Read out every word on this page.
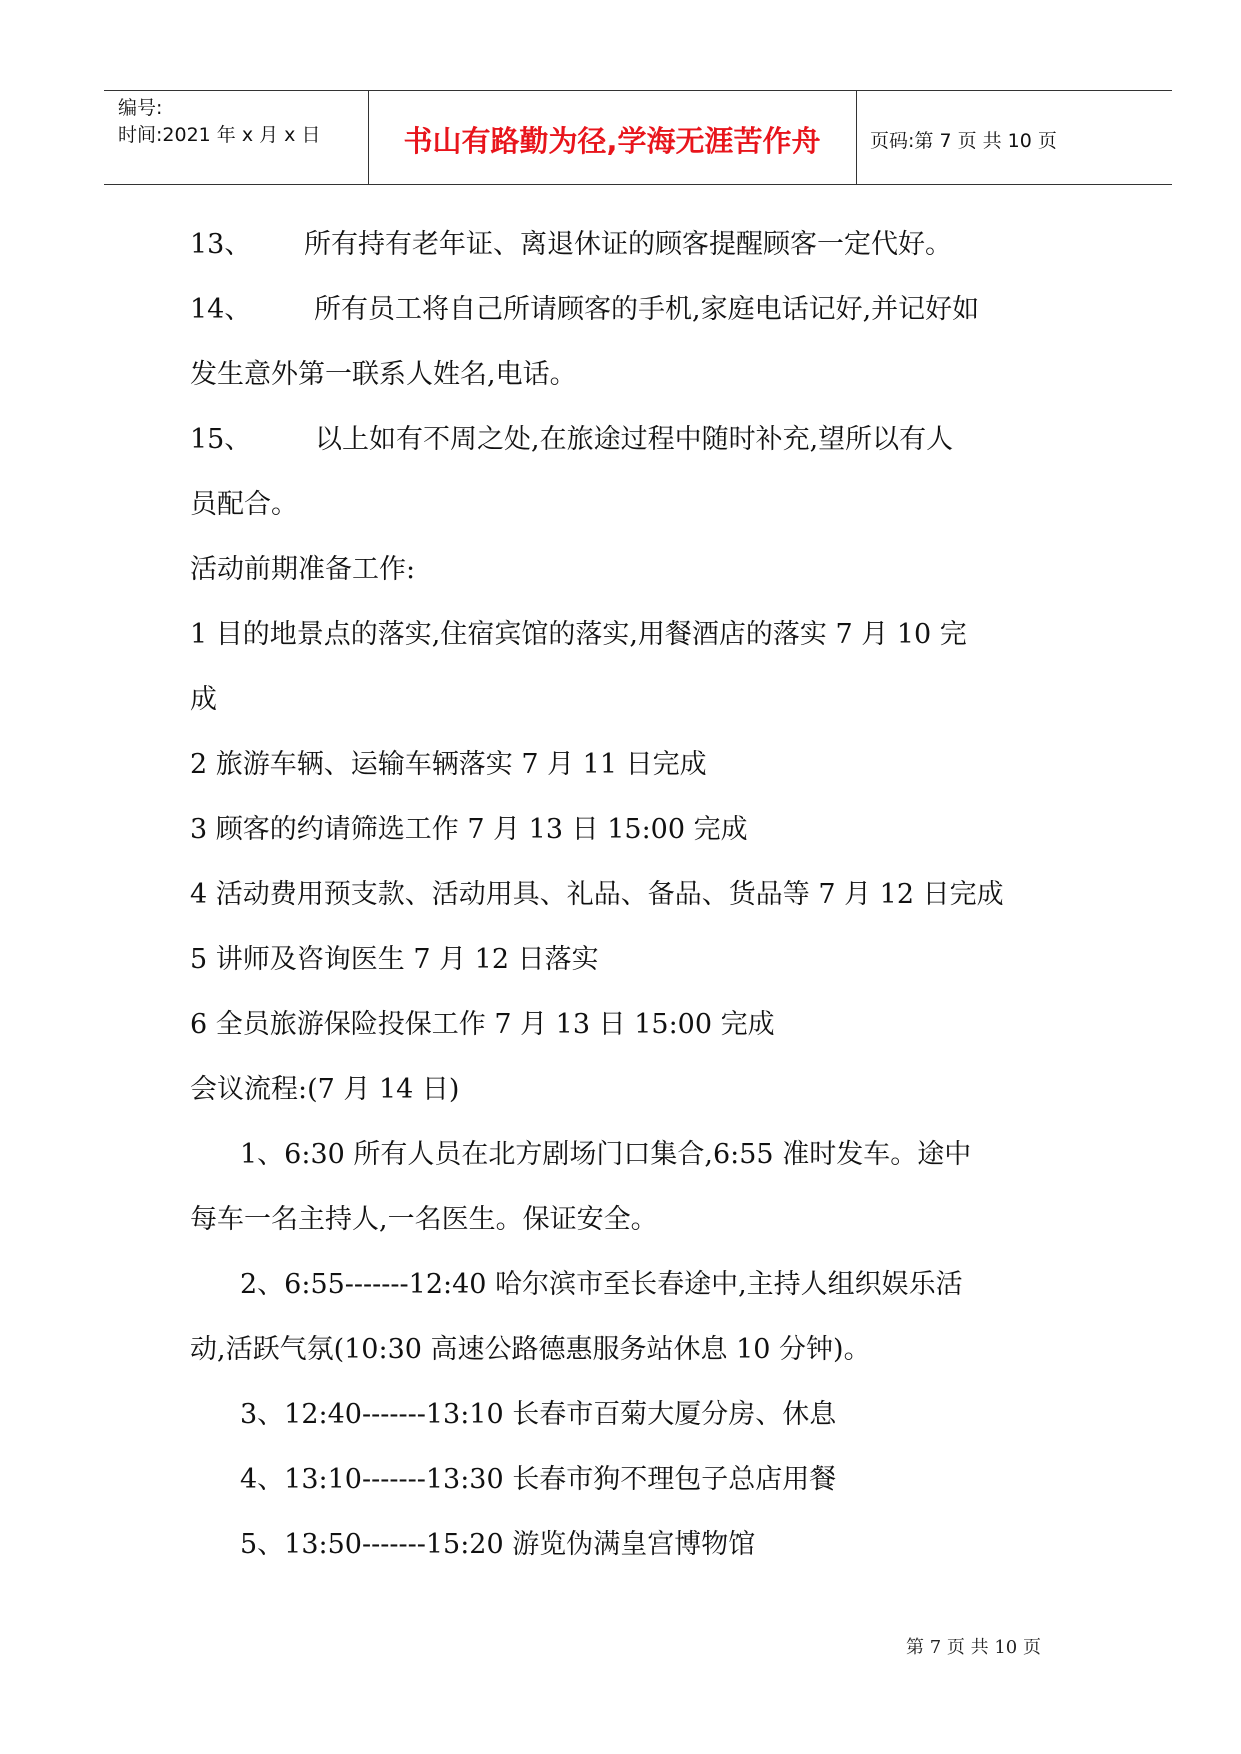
编号:
时间:2021 年 x 月 x 日	书山有路勤为径,学海无涯苦作舟	页码:第 7 页 共 10 页
13、 所有持有老年证、离退休证的顾客提醒顾客一定代好。
14、 所有员工将自己所请顾客的手机,家庭电话记好,并记好如
发生意外第一联系人姓名,电话。
15、 以上如有不周之处,在旅途过程中随时补充,望所以有人
员配合。
活动前期准备工作:
1 目的地景点的落实,住宿宾馆的落实,用餐酒店的落实 7 月 10 完
成
2 旅游车辆、运输车辆落实 7 月 11 日完成
3 顾客的约请筛选工作 7 月 13 日 15:00 完成
4 活动费用预支款、活动用具、礼品、备品、货品等 7 月 12 日完成
5 讲师及咨询医生 7 月 12 日落实
6 全员旅游保险投保工作 7 月 13 日 15:00 完成
会议流程:(7 月 14 日)
1、6:30 所有人员在北方剧场门口集合,6:55 准时发车。途中
每车一名主持人,一名医生。保证安全。
2、6:55-------12:40 哈尔滨市至长春途中,主持人组织娱乐活
动,活跃气氛(10:30 高速公路德惠服务站休息 10 分钟)。
3、12:40-------13:10 长春市百菊大厦分房、休息
4、13:10-------13:30 长春市狗不理包子总店用餐
5、13:50-------15:20 游览伪满皇宫博物馆
第 7 页 共 10 页
